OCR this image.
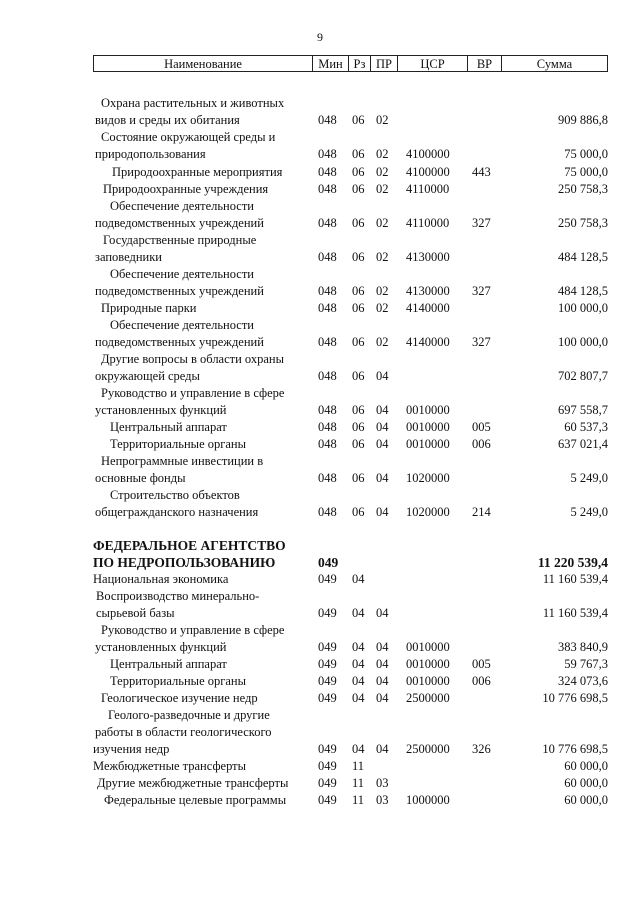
9
Наименование	Мин Рз ПР	ЦСР	ВР	Сумма
Охрана растительных и животных
видов и среды их обитания	048 06 02	909 886,8
Состояние окружающей среды и
природопользования	048 06 02 4100000	75 000,0
Природоохранные мероприятия	048 06 02 4100000 443	75 000,0
Природоохранные учреждения	048 06 02 4110000	250 758,3
Обеспечение деятельности
подведомственных учреждений	048 06 02 4110000 327	250 758,3
Государственные природные
заповедники	048 06 02 4130000	484 128,5
Обеспечение деятельности
подведомственных учреждений	048 06 02 4130000 327	484 128,5
Природные парки	048 06 02 4140000	100 000,0
Обеспечение деятельности
подведомственных учреждений	048 06 02 4140000 327	100 000,0
Другие вопросы в области охраны
окружающей среды	048 06 04	702 807,7
Руководство и управление в сфере
установленных функций	048 06 04 0010000	697 558,7
Центральный аппарат	048 06 04 0010000 005	60 537,3
Территориальные органы	048 06 04 0010000 006	637 021,4
Непрограммные инвестиции в
основные фонды	048 06 04 1020000	5 249,0
Строительство объектов
общегражданского назначения	048 06 04 1020000 214	5 249,0
ФЕДЕРАЛЬНОЕ АГЕНТСТВО
ПО НЕДРОПОЛЬЗОВАНИЮ	049	11 220 539,4
Национальная экономика	049 04	11 160 539,4
Воспроизводство минерально-
сырьевой базы	049 04 04	11 160 539,4
Руководство и управление в сфере
установленных функций	049 04 04 0010000	383 840,9
Центральный аппарат	049 04 04 0010000 005	59 767,3
Территориальные органы	049 04 04 0010000 006	324 073,6
Геологическое изучение недр	049 04 04 2500000	10 776 698,5
Геолого-разведочные и другие
работы в области геологического
изучения недр	049 04 04 2500000 326	10 776 698,5
Межбюджетные трансферты	049 11	60 000,0
Другие межбюджетные трансферты 049 11 03	60 000,0
Федеральные целевые программы	049 11 03 1000000	60 000,0
